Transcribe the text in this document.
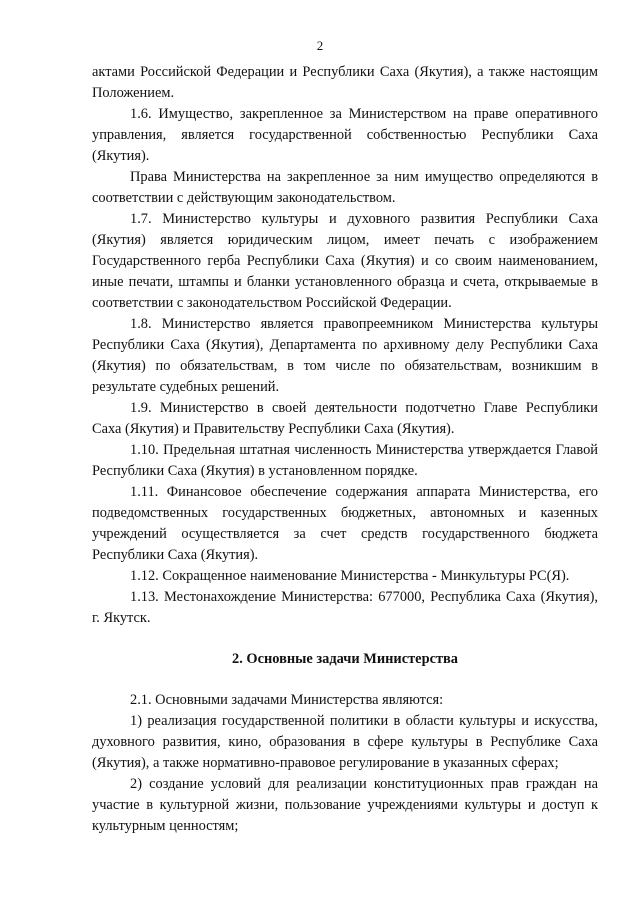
2

актами Российской Федерации и Республики Саха (Якутия), а также настоящим Положением.

1.6. Имущество, закрепленное за Министерством на праве оперативного управления, является государственной собственностью Республики Саха (Якутия).

Права Министерства на закрепленное за ним имущество определяются в соответствии с действующим законодательством.

1.7. Министерство культуры и духовного развития Республики Саха (Якутия) является юридическим лицом, имеет печать с изображением Государственного герба Республики Саха (Якутия) и со своим наименованием, иные печати, штампы и бланки установленного образца и счета, открываемые в соответствии с законодательством Российской Федерации.

1.8. Министерство является правопреемником Министерства культуры Республики Саха (Якутия), Департамента по архивному делу Республики Саха (Якутия) по обязательствам, в том числе по обязательствам, возникшим в результате судебных решений.

1.9. Министерство в своей деятельности подотчетно Главе Республики Саха (Якутия) и Правительству Республики Саха (Якутия).

1.10. Предельная штатная численность Министерства утверждается Главой Республики Саха (Якутия) в установленном порядке.

1.11. Финансовое обеспечение содержания аппарата Министерства, его подведомственных государственных бюджетных, автономных и казенных учреждений осуществляется за счет средств государственного бюджета Республики Саха (Якутия).

1.12. Сокращенное наименование Министерства - Минкультуры РС(Я).

1.13. Местонахождение Министерства: 677000, Республика Саха (Якутия), г. Якутск.

2. Основные задачи Министерства

2.1. Основными задачами Министерства являются:

1) реализация государственной политики в области культуры и искусства, духовного развития, кино, образования в сфере культуры в Республике Саха (Якутия), а также нормативно-правовое регулирование в указанных сферах;

2) создание условий для реализации конституционных прав граждан на участие в культурной жизни, пользование учреждениями культуры и доступ к культурным ценностям;
